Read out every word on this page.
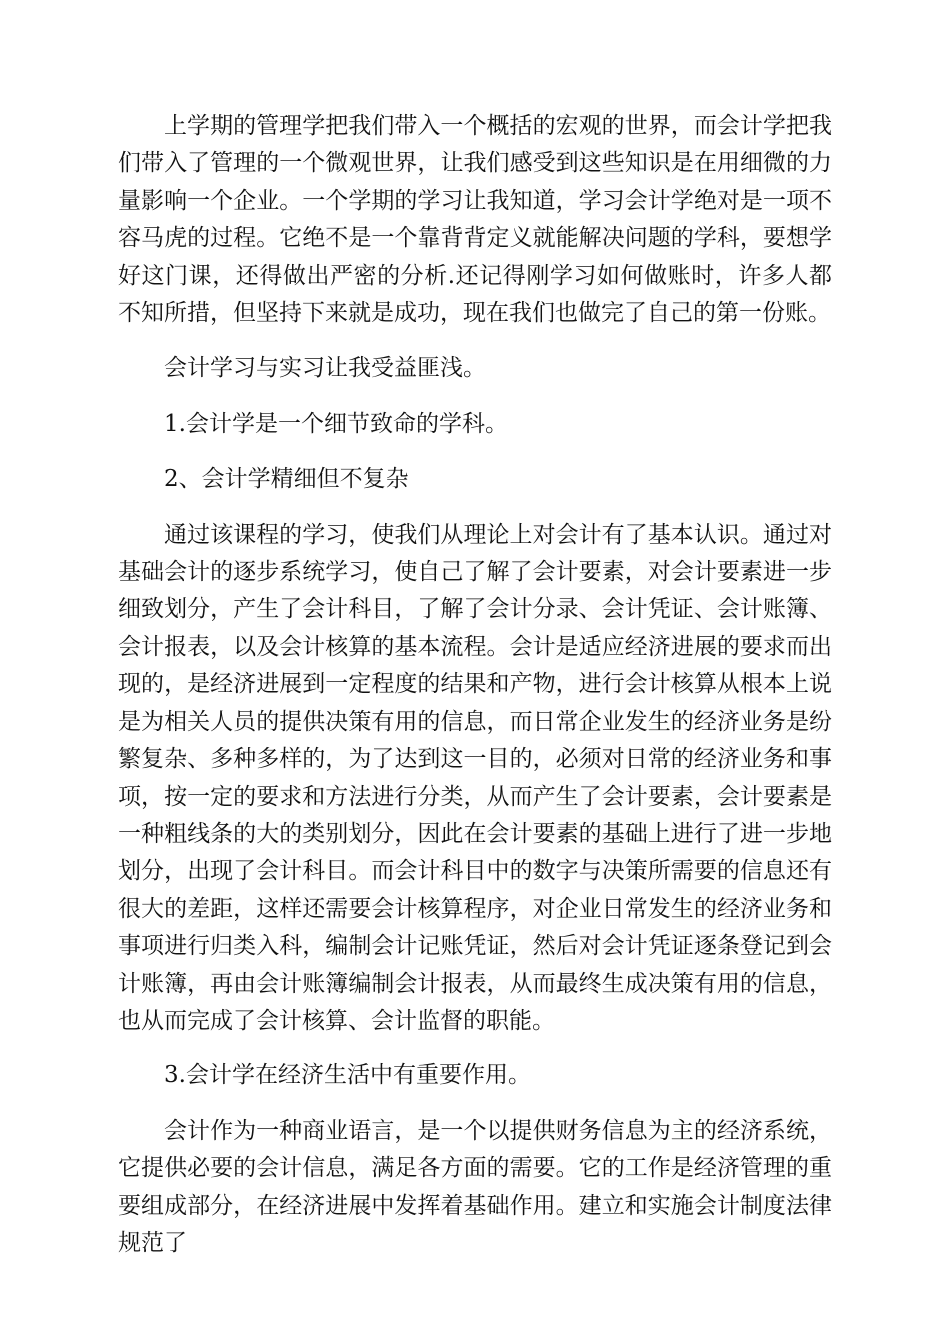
上学期的管理学把我们带入一个概括的宏观的世界，而会计学把我们带入了管理的一个微观世界，让我们感受到这些知识是在用细微的力量影响一个企业。一个学期的学习让我知道，学习会计学绝对是一项不容马虎的过程。它绝不是一个靠背背定义就能解决问题的学科，要想学好这门课，还得做出严密的分析.还记得刚学习如何做账时，许多人都不知所措，但坚持下来就是成功，现在我们也做完了自己的第一份账。

会计学习与实习让我受益匪浅。

1.会计学是一个细节致命的学科。

2、会计学精细但不复杂

通过该课程的学习，使我们从理论上对会计有了基本认识。通过对基础会计的逐步系统学习，使自己了解了会计要素，对会计要素进一步细致划分，产生了会计科目，了解了会计分录、会计凭证、会计账簿、会计报表，以及会计核算的基本流程。会计是适应经济进展的要求而出现的，是经济进展到一定程度的结果和产物，进行会计核算从根本上说是为相关人员的提供决策有用的信息，而日常企业发生的经济业务是纷繁复杂、多种多样的，为了达到这一目的，必须对日常的经济业务和事项，按一定的要求和方法进行分类，从而产生了会计要素，会计要素是一种粗线条的大的类别划分，因此在会计要素的基础上进行了进一步地划分，出现了会计科目。而会计科目中的数字与决策所需要的信息还有很大的差距，这样还需要会计核算程序，对企业日常发生的经济业务和事项进行归类入科，编制会计记账凭证，然后对会计凭证逐条登记到会计账簿，再由会计账簿编制会计报表，从而最终生成决策有用的信息，也从而完成了会计核算、会计监督的职能。

3.会计学在经济生活中有重要作用。

会计作为一种商业语言，是一个以提供财务信息为主的经济系统，它提供必要的会计信息，满足各方面的需要。它的工作是经济管理的重要组成部分，在经济进展中发挥着基础作用。建立和实施会计制度法律规范了
